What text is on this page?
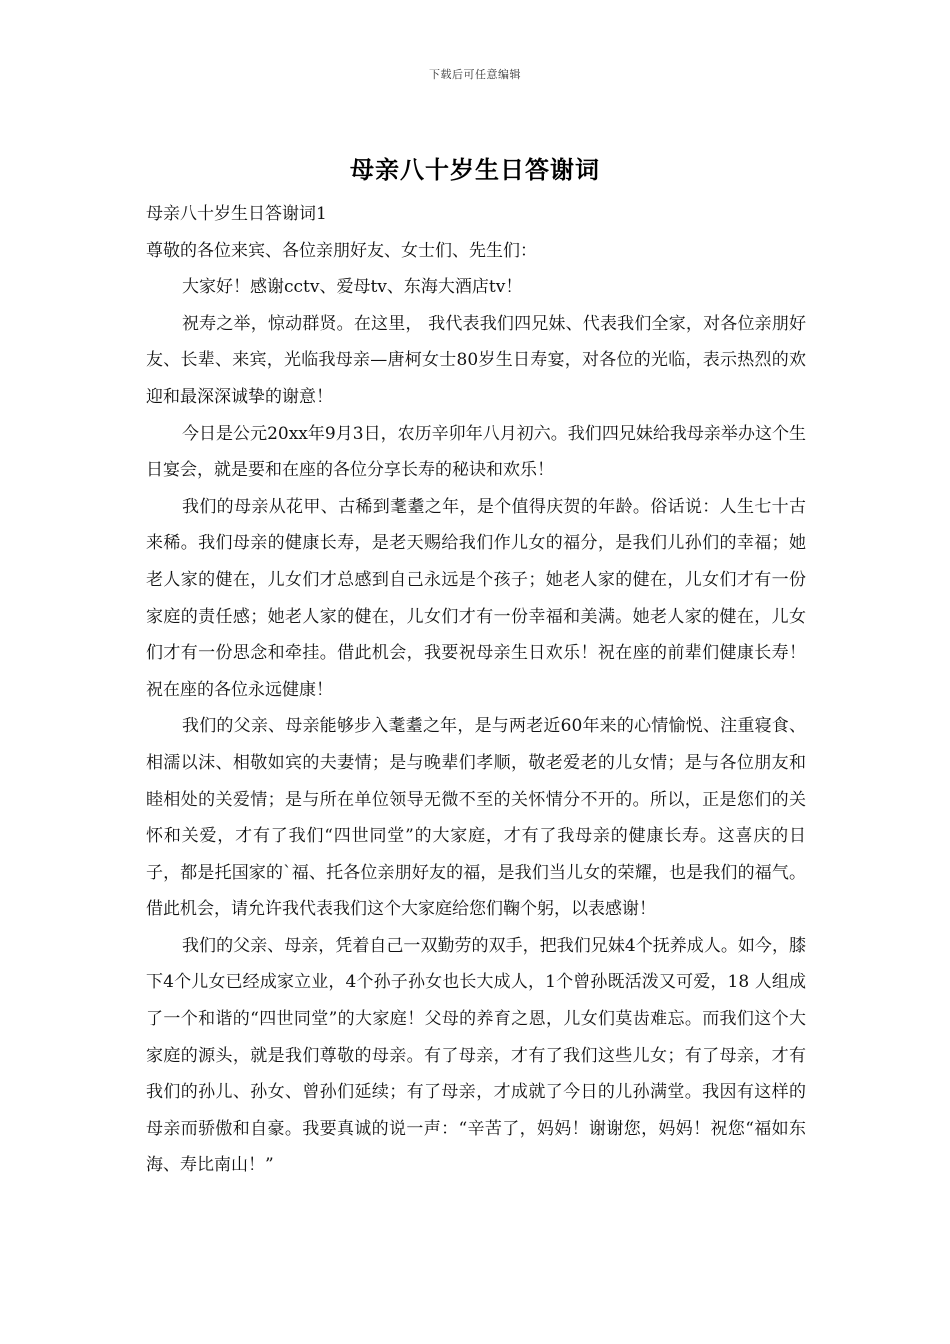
下载后可任意编辑
母亲八十岁生日答谢词

母亲八十岁生日答谢词1

尊敬的各位来宾、各位亲朋好友、女士们、先生们：

大家好！感谢cctv、爱母tv、东海大酒店tv！

祝寿之举，惊动群贤。在这里， 我代表我们四兄妹、代表我们全家，对各位亲朋好友、长辈、来宾，光临我母亲—唐柯女士80岁生日寿宴，对各位的光临，表示热烈的欢迎和最深深诚挚的谢意！

今日是公元20xx年9月3日，农历辛卯年八月初六。我们四兄妹给我母亲举办这个生日宴会，就是要和在座的各位分享长寿的秘诀和欢乐！

我们的母亲从花甲、古稀到耄耋之年，是个值得庆贺的年龄。俗话说：人生七十古来稀。我们母亲的健康长寿，是老天赐给我们作儿女的福分，是我们儿孙们的幸福；她老人家的健在，儿女们才总感到自己永远是个孩子；她老人家的健在，儿女们才有一份家庭的责任感；她老人家的健在，儿女们才有一份幸福和美满。她老人家的健在，儿女们才有一份思念和牵挂。借此机会，我要祝母亲生日欢乐！祝在座的前辈们健康长寿！祝在座的各位永远健康！

我们的父亲、母亲能够步入耄耋之年，是与两老近60年来的心情愉悦、注重寝食、相濡以沫、相敬如宾的夫妻情；是与晚辈们孝顺，敬老爱老的儿女情；是与各位朋友和睦相处的关爱情；是与所在单位领导无微不至的关怀情分不开的。所以，正是您们的关怀和关爱，才有了我们“四世同堂”的大家庭，才有了我母亲的健康长寿。这喜庆的日子，都是托国家的`福、托各位亲朋好友的福，是我们当儿女的荣耀，也是我们的福气。借此机会，请允许我代表我们这个大家庭给您们鞠个躬，以表感谢！

我们的父亲、母亲，凭着自己一双勤劳的双手，把我们兄妹4个抚养成人。如今，膝下4个儿女已经成家立业，4个孙子孙女也长大成人，1个曾孙既活泼又可爱，18 人组成了一个和谐的“四世同堂”的大家庭！父母的养育之恩，儿女们莫齿难忘。而我们这个大家庭的源头，就是我们尊敬的母亲。有了母亲，才有了我们这些儿女；有了母亲，才有我们的孙儿、孙女、曾孙们延续；有了母亲，才成就了今日的儿孙满堂。我因有这样的母亲而骄傲和自豪。我要真诚的说一声：“辛苦了，妈妈！谢谢您，妈妈！祝您“福如东海、寿比南山！”
